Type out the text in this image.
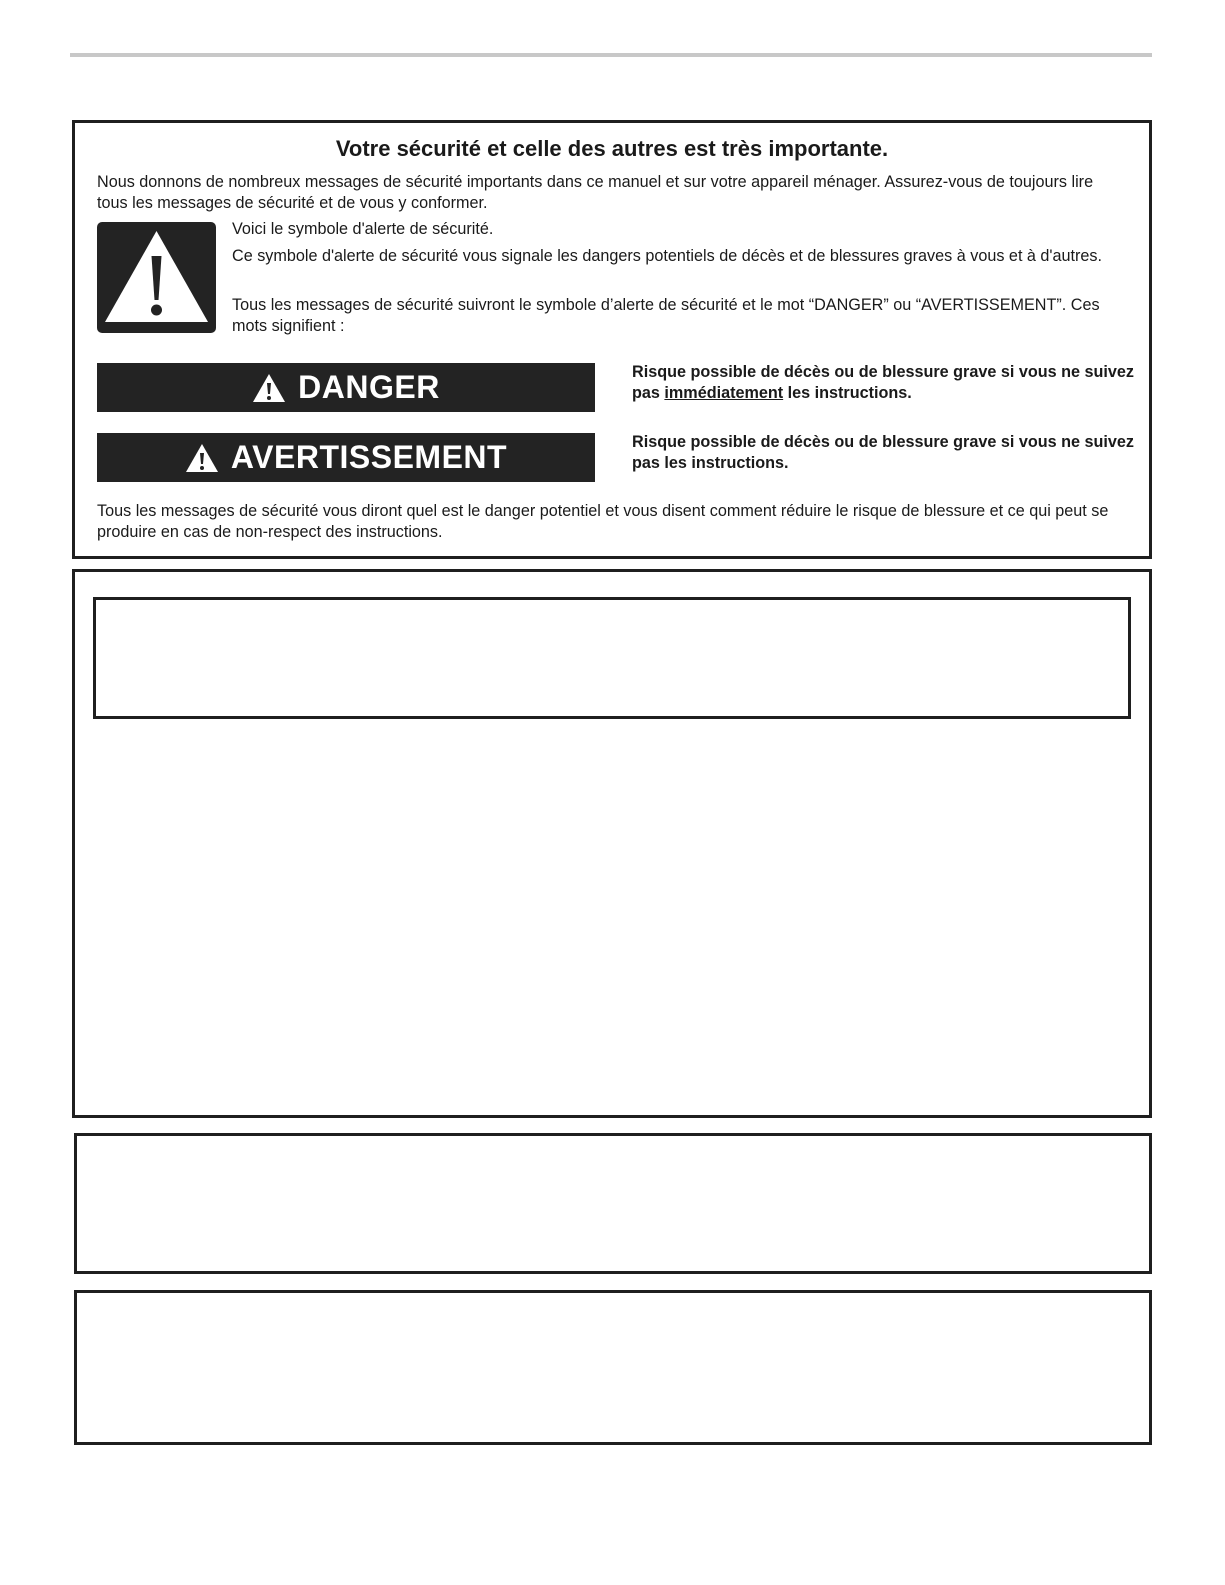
Votre sécurité et celle des autres est très importante.
Nous donnons de nombreux messages de sécurité importants dans ce manuel et sur votre appareil ménager. Assurez-vous de toujours lire tous les messages de sécurité et de vous y conformer.
Voici le symbole d'alerte de sécurité.
Ce symbole d'alerte de sécurité vous signale les dangers potentiels de décès et de blessures graves à vous et à d'autres.
Tous les messages de sécurité suivront le symbole d’alerte de sécurité et le mot “DANGER” ou “AVERTISSEMENT”. Ces mots signifient :
DANGER	Risque possible de décès ou de blessure grave si vous ne suivez pas immédiatement les instructions.
AVERTISSEMENT	Risque possible de décès ou de blessure grave si vous ne suivez pas les instructions.
Tous les messages de sécurité vous diront quel est le danger potentiel et vous disent comment réduire le risque de blessure et ce qui peut se produire en cas de non-respect des instructions.
